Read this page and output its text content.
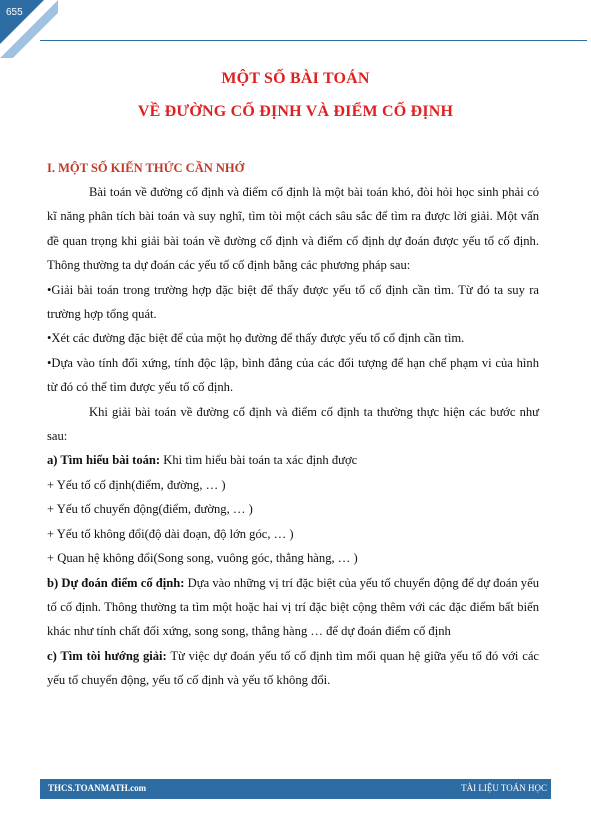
655
MỘT SỐ BÀI TOÁN
VỀ ĐƯỜNG CỐ ĐỊNH VÀ ĐIỂM CỐ ĐỊNH
I. MỘT SỐ KIẾN THỨC CẦN NHỚ

Bài toán về đường cố định và điểm cố định là một bài toán khó, đòi hỏi học sinh phải có kĩ năng phân tích bài toán và suy nghĩ, tìm tòi một cách sâu sắc để tìm ra được lời giải. Một vấn đề quan trọng khi giải bài toán về đường cố định và điểm cố định dự đoán được yếu tố cố định. Thông thường ta dự đoán các yếu tố cố định bằng các phương pháp sau:

•Giải bài toán trong trường hợp đặc biệt để thấy được yếu tố cố định cần tìm. Từ đó ta suy ra trường hợp tổng quát.

•Xét các đường đặc biệt để của một họ đường để thấy được yếu tố cố định cần tìm.

•Dựa vào tính đối xứng, tính độc lập, bình đẳng của các đối tượng để hạn chế phạm vi của hình từ đó có thể tìm được yếu tố cố định.

Khi giải bài toán về đường cố định và điểm cố định ta thường thực hiện các bước như sau:

a) Tìm hiểu bài toán: Khi tìm hiểu bài toán ta xác định được

+ Yếu tố cố định(điểm, đường, … )

+ Yếu tố chuyển động(điểm, đường, … )

+ Yếu tố không đổi(độ dài đoạn, độ lớn góc, … )

+ Quan hệ không đổi(Song song, vuông góc, thẳng hàng, … )

b) Dự đoán điểm cố định: Dựa vào những vị trí đặc biệt của yếu tố chuyển động để dự đoán yếu tố cố định. Thông thường ta tìm một hoặc hai vị trí đặc biệt cộng thêm với các đặc điểm bất biến khác như tính chất đối xứng, song song, thẳng hàng … để dự đoán điểm cố định

c) Tìm tòi hướng giải: Từ việc dự đoán yếu tố cố định tìm mối quan hệ giữa yếu tố đó với các yếu tố chuyển động, yếu tố cố định và yếu tố không đổi.

THCS.TOANMATH.com	TÀI LIỆU TOÁN HỌC
